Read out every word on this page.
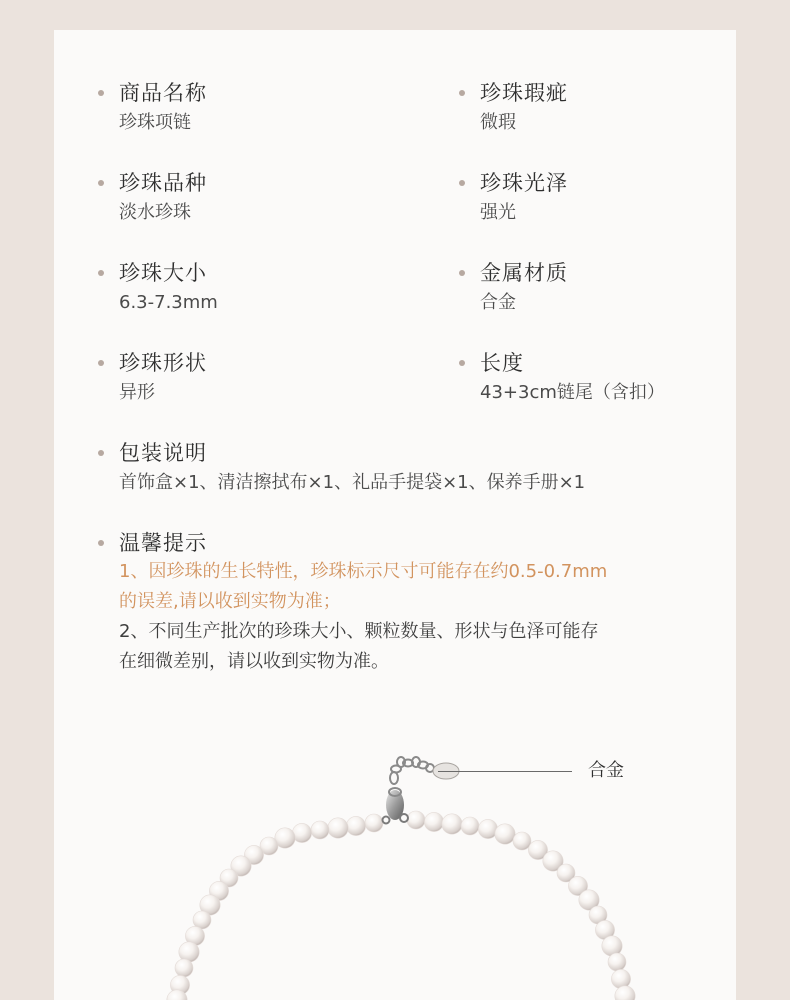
商品名称
珍珠项链
珍珠瑕疵
微瑕
珍珠品种
淡水珍珠
珍珠光泽
强光
珍珠大小
6.3-7.3mm
金属材质
合金
珍珠形状
异形
长度
43+3cm链尾（含扣）
包装说明
首饰盒×1、清洁擦拭布×1、礼品手提袋×1、保养手册×1
温馨提示
1、因珍珠的生长特性，珍珠标示尺寸可能存在约0.5-0.7mm
的误差,请以收到实物为准；
2、不同生产批次的珍珠大小、颗粒数量、形状与色泽可能存
在细微差别，请以收到实物为准。
合金
